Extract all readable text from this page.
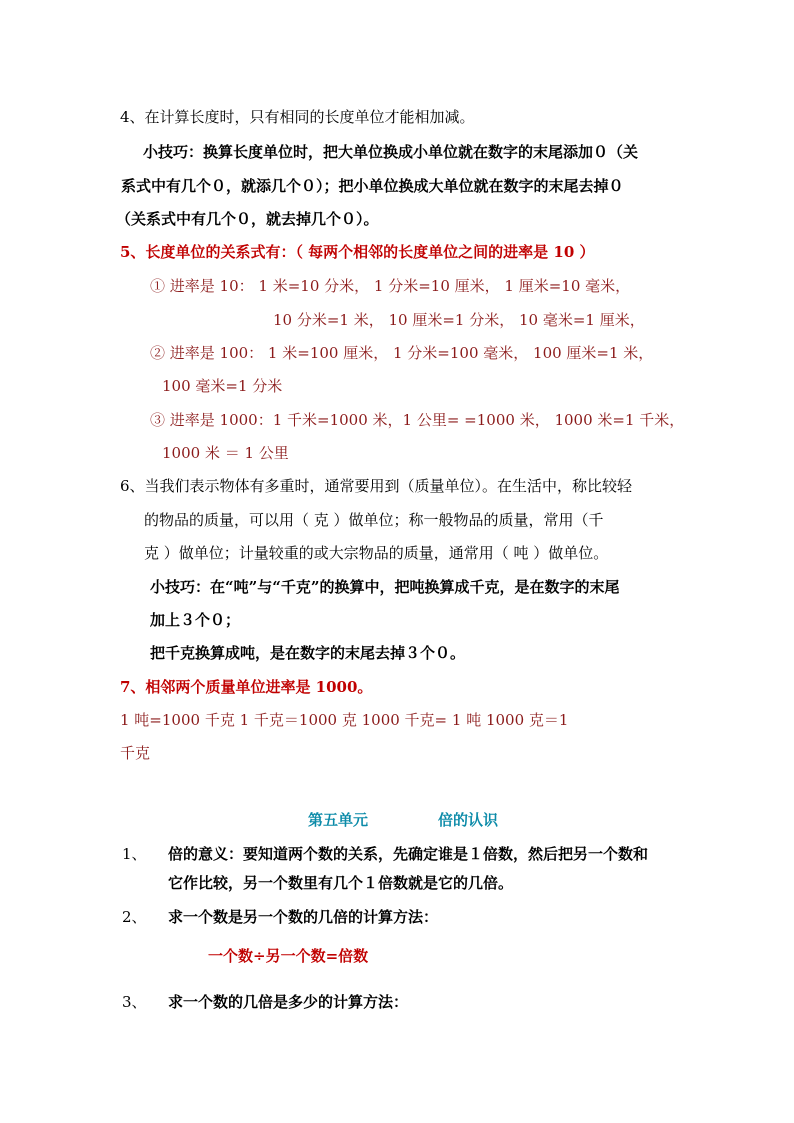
4、在计算长度时，只有相同的长度单位才能相加减。
小技巧：换算长度单位时，把大单位换成小单位就在数字的末尾添加０（关
系式中有几个０，就添几个０）；把小单位换成大单位就在数字的末尾去掉０
（关系式中有几个０，就去掉几个０）。
5、长度单位的关系式有：（ 每两个相邻的长度单位之间的进率是 10 ）
① 进率是 10： 1 米=10 分米， 1 分米=10 厘米， 1 厘米=10 毫米，
10 分米=1 米， 10 厘米=1 分米， 10 毫米=1 厘米，
② 进率是 100： 1 米=100 厘米， 1 分米=100 毫米， 100 厘米=1 米，
100 毫米=1 分米
③ 进率是 1000：1 千米=1000 米，1 公里= =1000 米， 1000 米=1 千米，
1000 米 ＝ 1 公里
6、当我们表示物体有多重时，通常要用到（质量单位）。在生活中，称比较轻
的物品的质量，可以用（ 克 ）做单位；称一般物品的质量，常用（千
克 ）做单位；计量较重的或大宗物品的质量，通常用（ 吨 ）做单位。
小技巧：在“吨”与“千克”的换算中，把吨换算成千克，是在数字的末尾
加上３个０；
把千克换算成吨，是在数字的末尾去掉３个０。
7、相邻两个质量单位进率是 1000。
1 吨=1000 千克 1 千克＝1000 克 1000 千克= 1 吨 1000 克＝1
千克
第五单元	倍的认识
1、 倍的意义：要知道两个数的关系，先确定谁是１倍数，然后把另一个数和
它作比较，另一个数里有几个１倍数就是它的几倍。
2、 求一个数是另一个数的几倍的计算方法：
一个数÷另一个数=倍数
3、 求一个数的几倍是多少的计算方法：
